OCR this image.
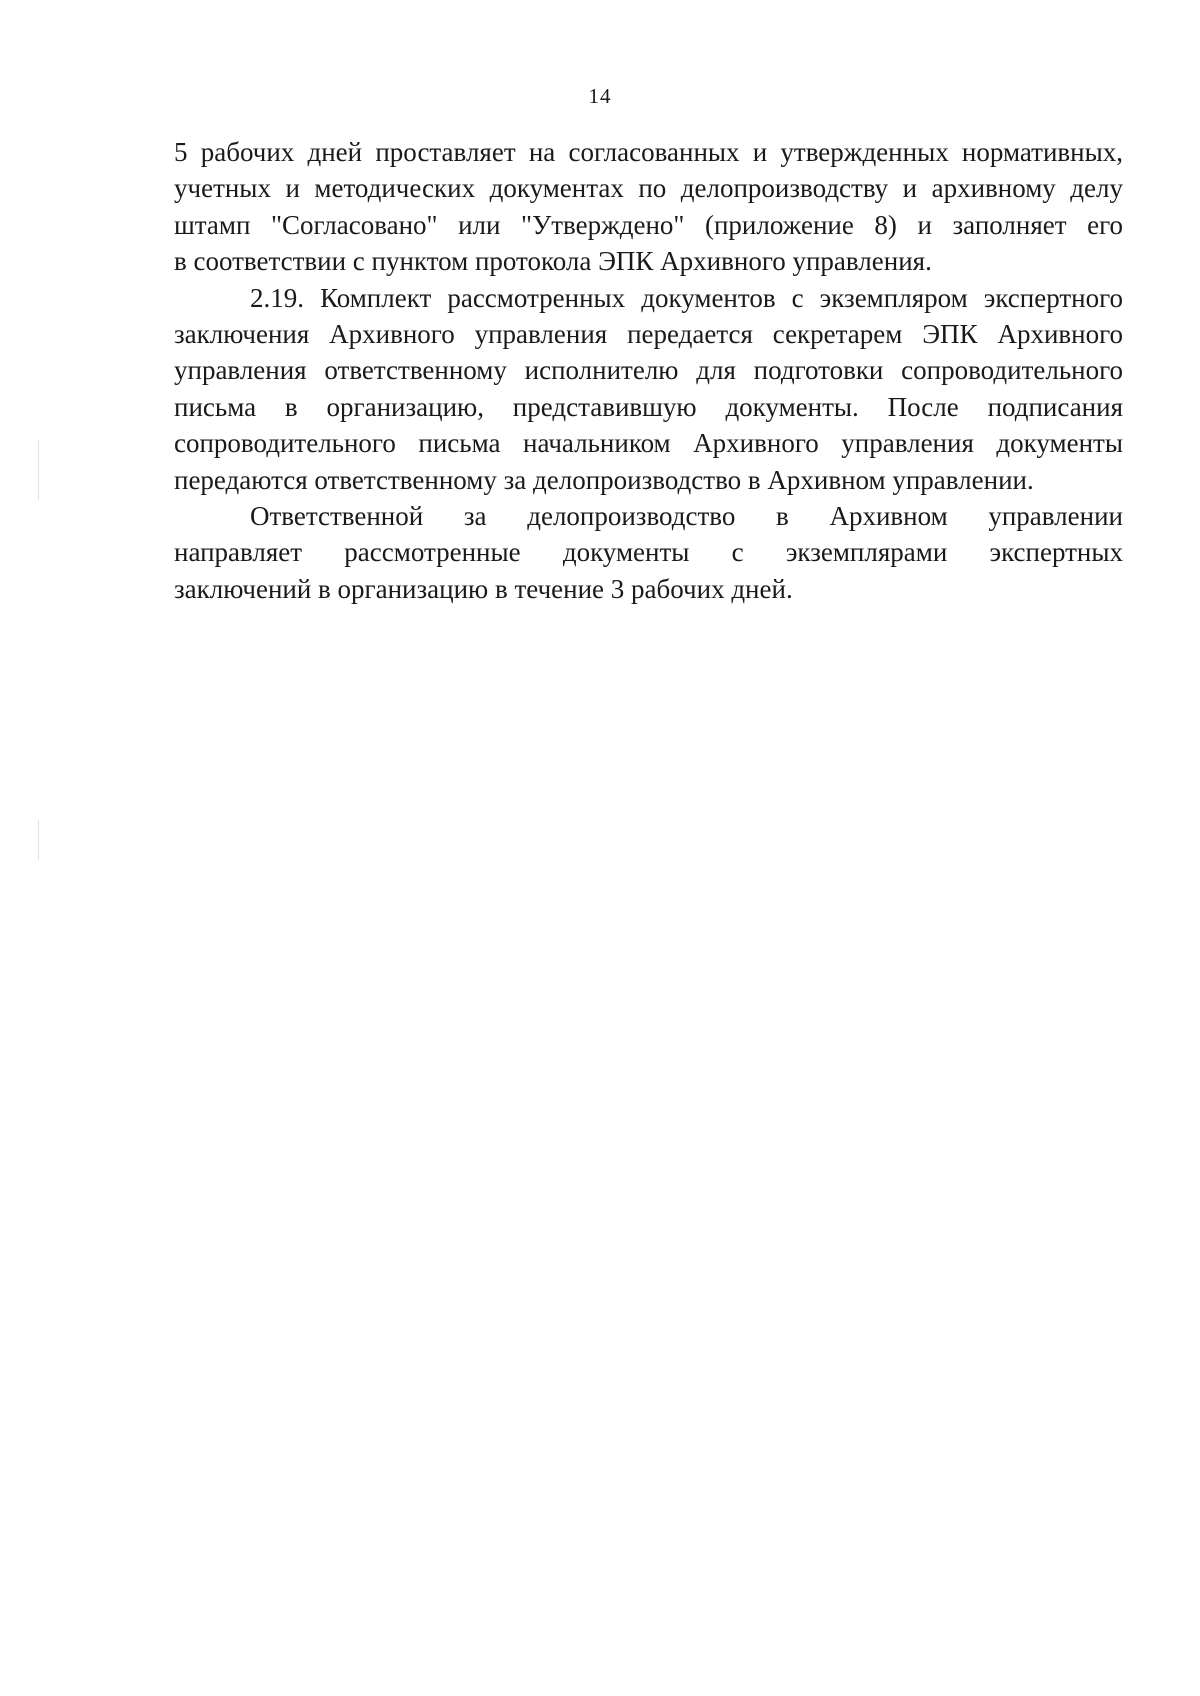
14
5 рабочих дней проставляет на согласованных и утвержденных нормативных,
учетных и методических документах по делопроизводству и архивному делу
штамп "Согласовано" или "Утверждено" (приложение 8) и заполняет его
в соответствии с пунктом протокола ЭПК Архивного управления.
2.19. Комплект рассмотренных документов с экземпляром экспертного
заключения Архивного управления передается секретарем ЭПК Архивного
управления ответственному исполнителю для подготовки сопроводительного
письма в организацию, представившую документы. После подписания
сопроводительного письма начальником Архивного управления документы
передаются ответственному за делопроизводство в Архивном управлении.
Ответственной за делопроизводство в Архивном управлении
направляет рассмотренные документы с экземплярами экспертных
заключений в организацию в течение 3 рабочих дней.
